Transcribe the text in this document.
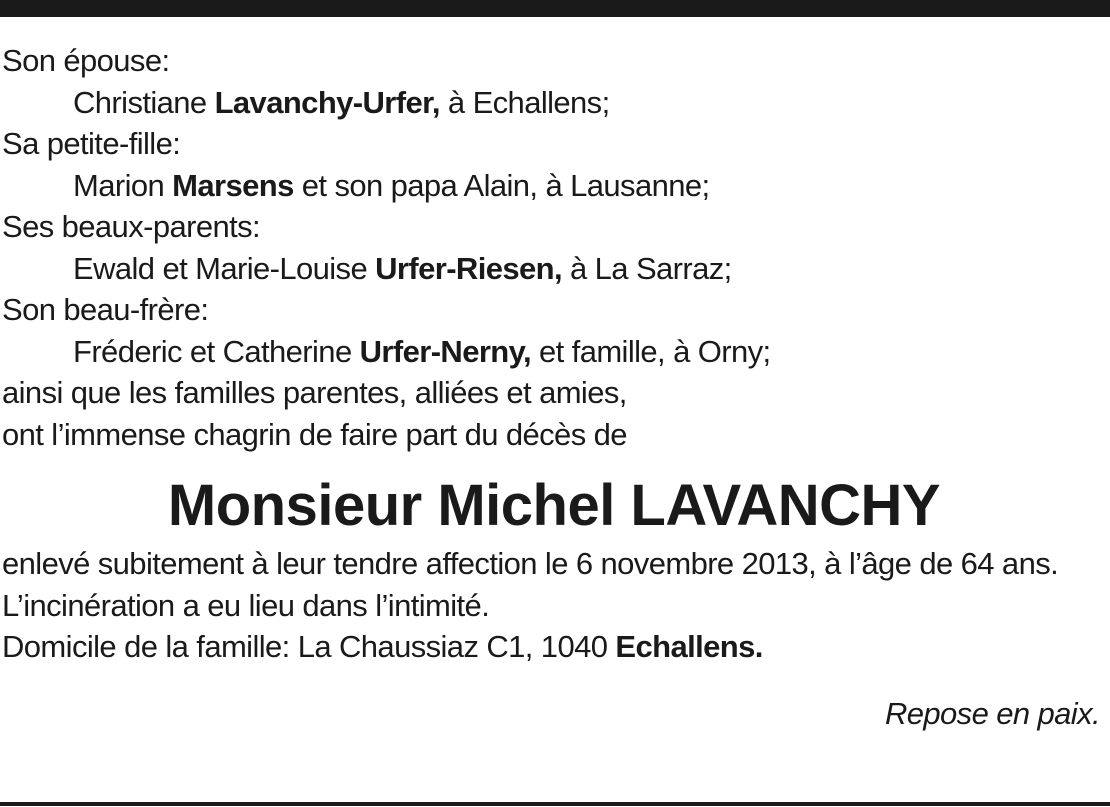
Son épouse:
Christiane Lavanchy-Urfer, à Echallens;
Sa petite-fille:
Marion Marsens et son papa Alain, à Lausanne;
Ses beaux-parents:
Ewald et Marie-Louise Urfer-Riesen, à La Sarraz;
Son beau-frère:
Fréderic et Catherine Urfer-Nerny, et famille, à Orny;
ainsi que les familles parentes, alliées et amies,
ont l’immense chagrin de faire part du décès de
Monsieur Michel LAVANCHY
enlevé subitement à leur tendre affection le 6 novembre 2013, à l’âge de 64 ans.
L’incinération a eu lieu dans l’intimité.
Domicile de la famille: La Chaussiaz C1, 1040 Echallens.
Repose en paix.
